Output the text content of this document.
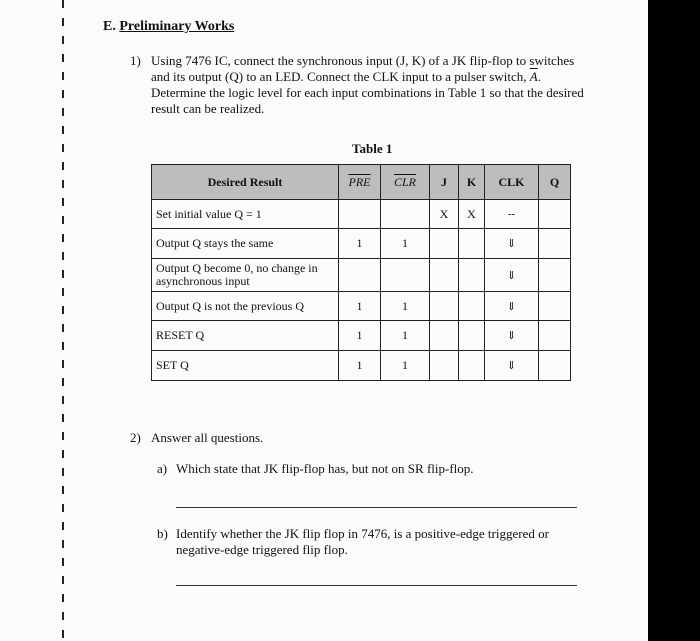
E. Preliminary Works
1) Using 7476 IC, connect the synchronous input (J, K) of a JK flip-flop to switches and its output (Q) to an LED. Connect the CLK input to a pulser switch, $\overline{A}$. Determine the logic level for each input combinations in Table 1 so that the desired result can be realized.
Table 1
Desired Result	$\overline{PRE}$	$\overline{CLR}$	J	K	CLK	Q
Set initial value Q = 1			X	X	--	
Output Q stays the same	1	1			⇓	
Output Q become 0, no change in asynchronous input					⇓	
Output Q is not the previous Q	1	1			⇓	
RESET Q	1	1			⇓	
SET Q	1	1			⇓	
2) Answer all questions.
a) Which state that JK flip-flop has, but not on SR flip-flop.
b) Identify whether the JK flip flop in 7476, is a positive-edge triggered or negative-edge triggered flip flop.
